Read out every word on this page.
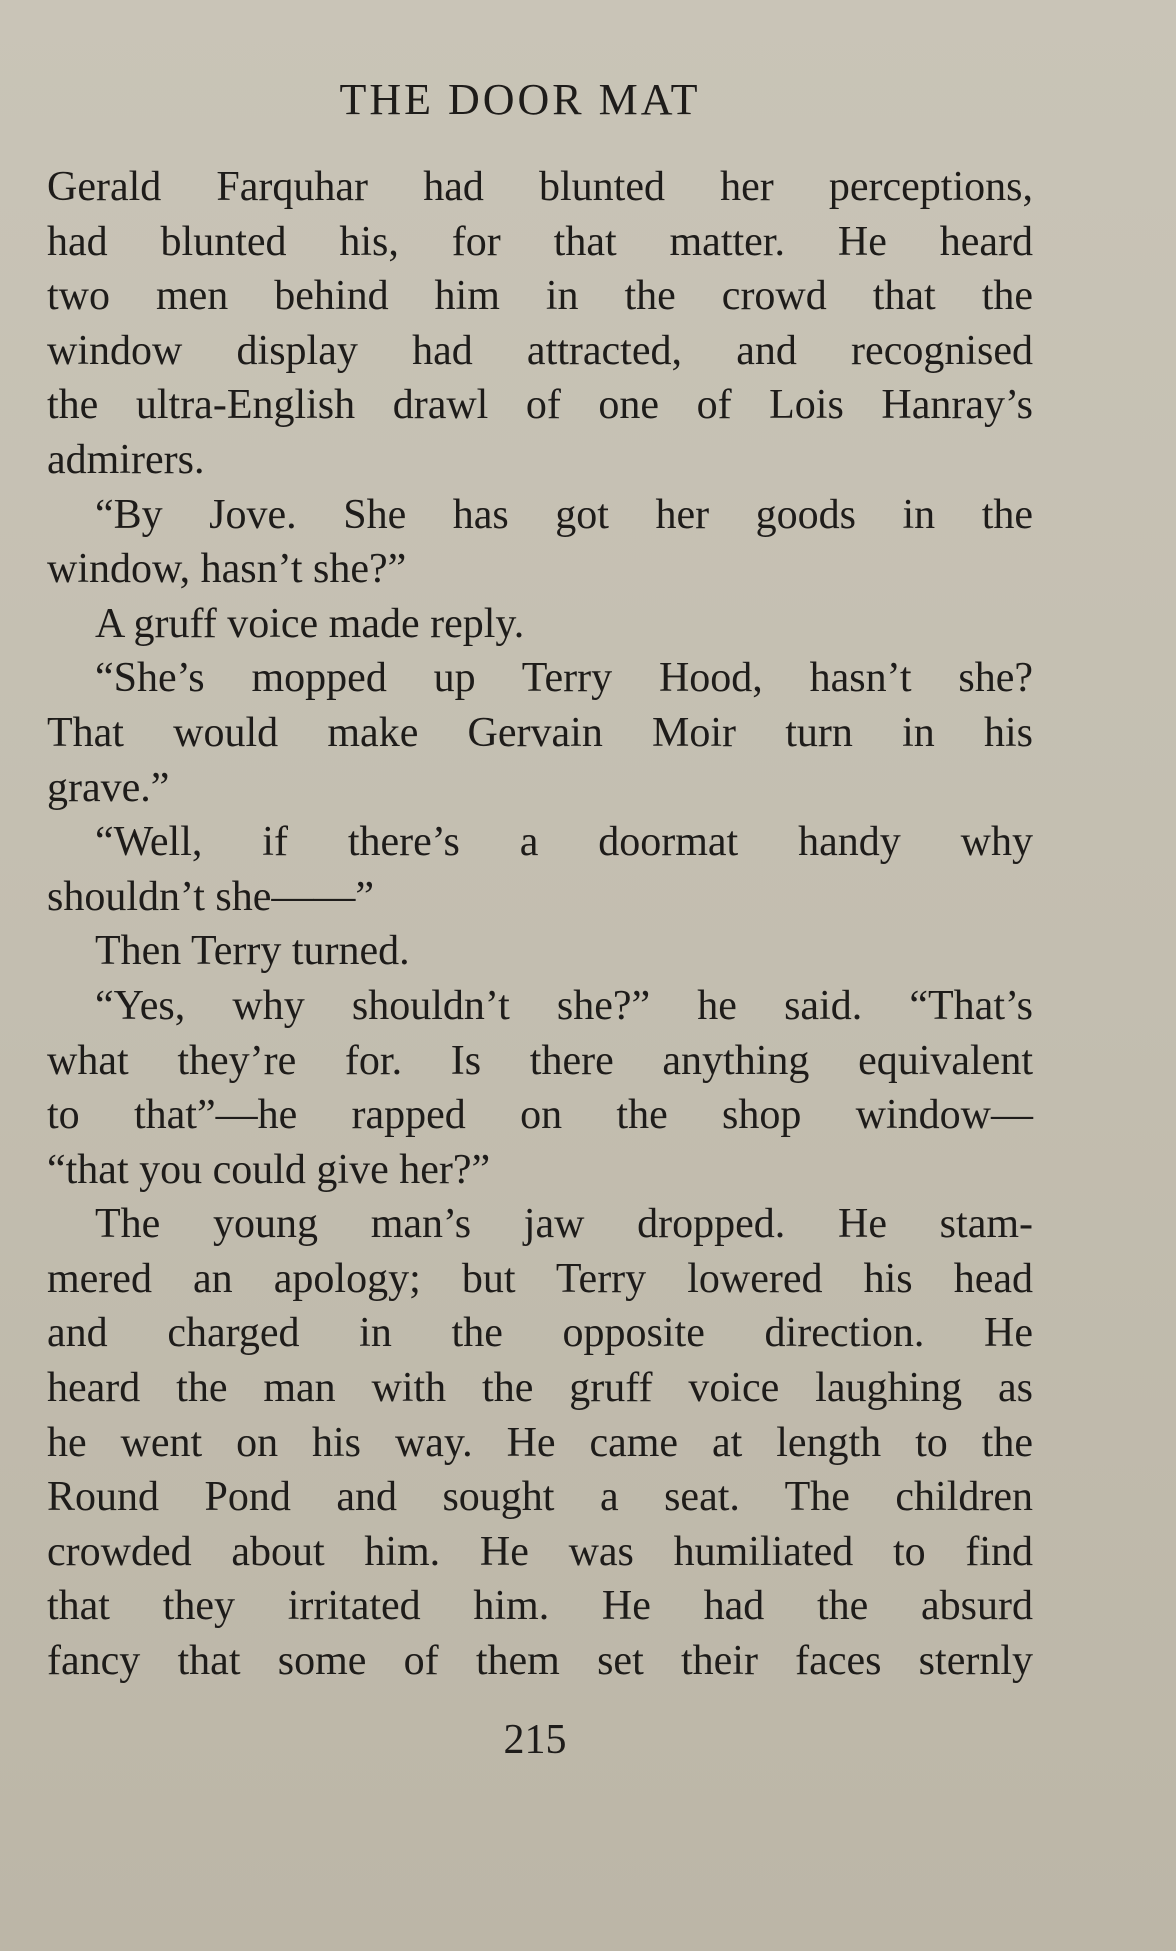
THE DOOR MAT
Gerald Farquhar had blunted her perceptions,
had blunted his, for that matter. He heard
two men behind him in the crowd that the
window display had attracted, and recognised
the ultra-English drawl of one of Lois Hanray’s
admirers.
“By Jove. She has got her goods in the
window, hasn’t she?”
A gruff voice made reply.
“She’s mopped up Terry Hood, hasn’t she?
That would make Gervain Moir turn in his
grave.”
“Well, if there’s a doormat handy why
shouldn’t she——”
Then Terry turned.
“Yes, why shouldn’t she?” he said. “That’s
what they’re for. Is there anything equivalent
to that”—he rapped on the shop window—
“that you could give her?”
The young man’s jaw dropped. He stam-
mered an apology; but Terry lowered his head
and charged in the opposite direction. He
heard the man with the gruff voice laughing as
he went on his way. He came at length to the
Round Pond and sought a seat. The children
crowded about him. He was humiliated to find
that they irritated him. He had the absurd
fancy that some of them set their faces sternly
215
